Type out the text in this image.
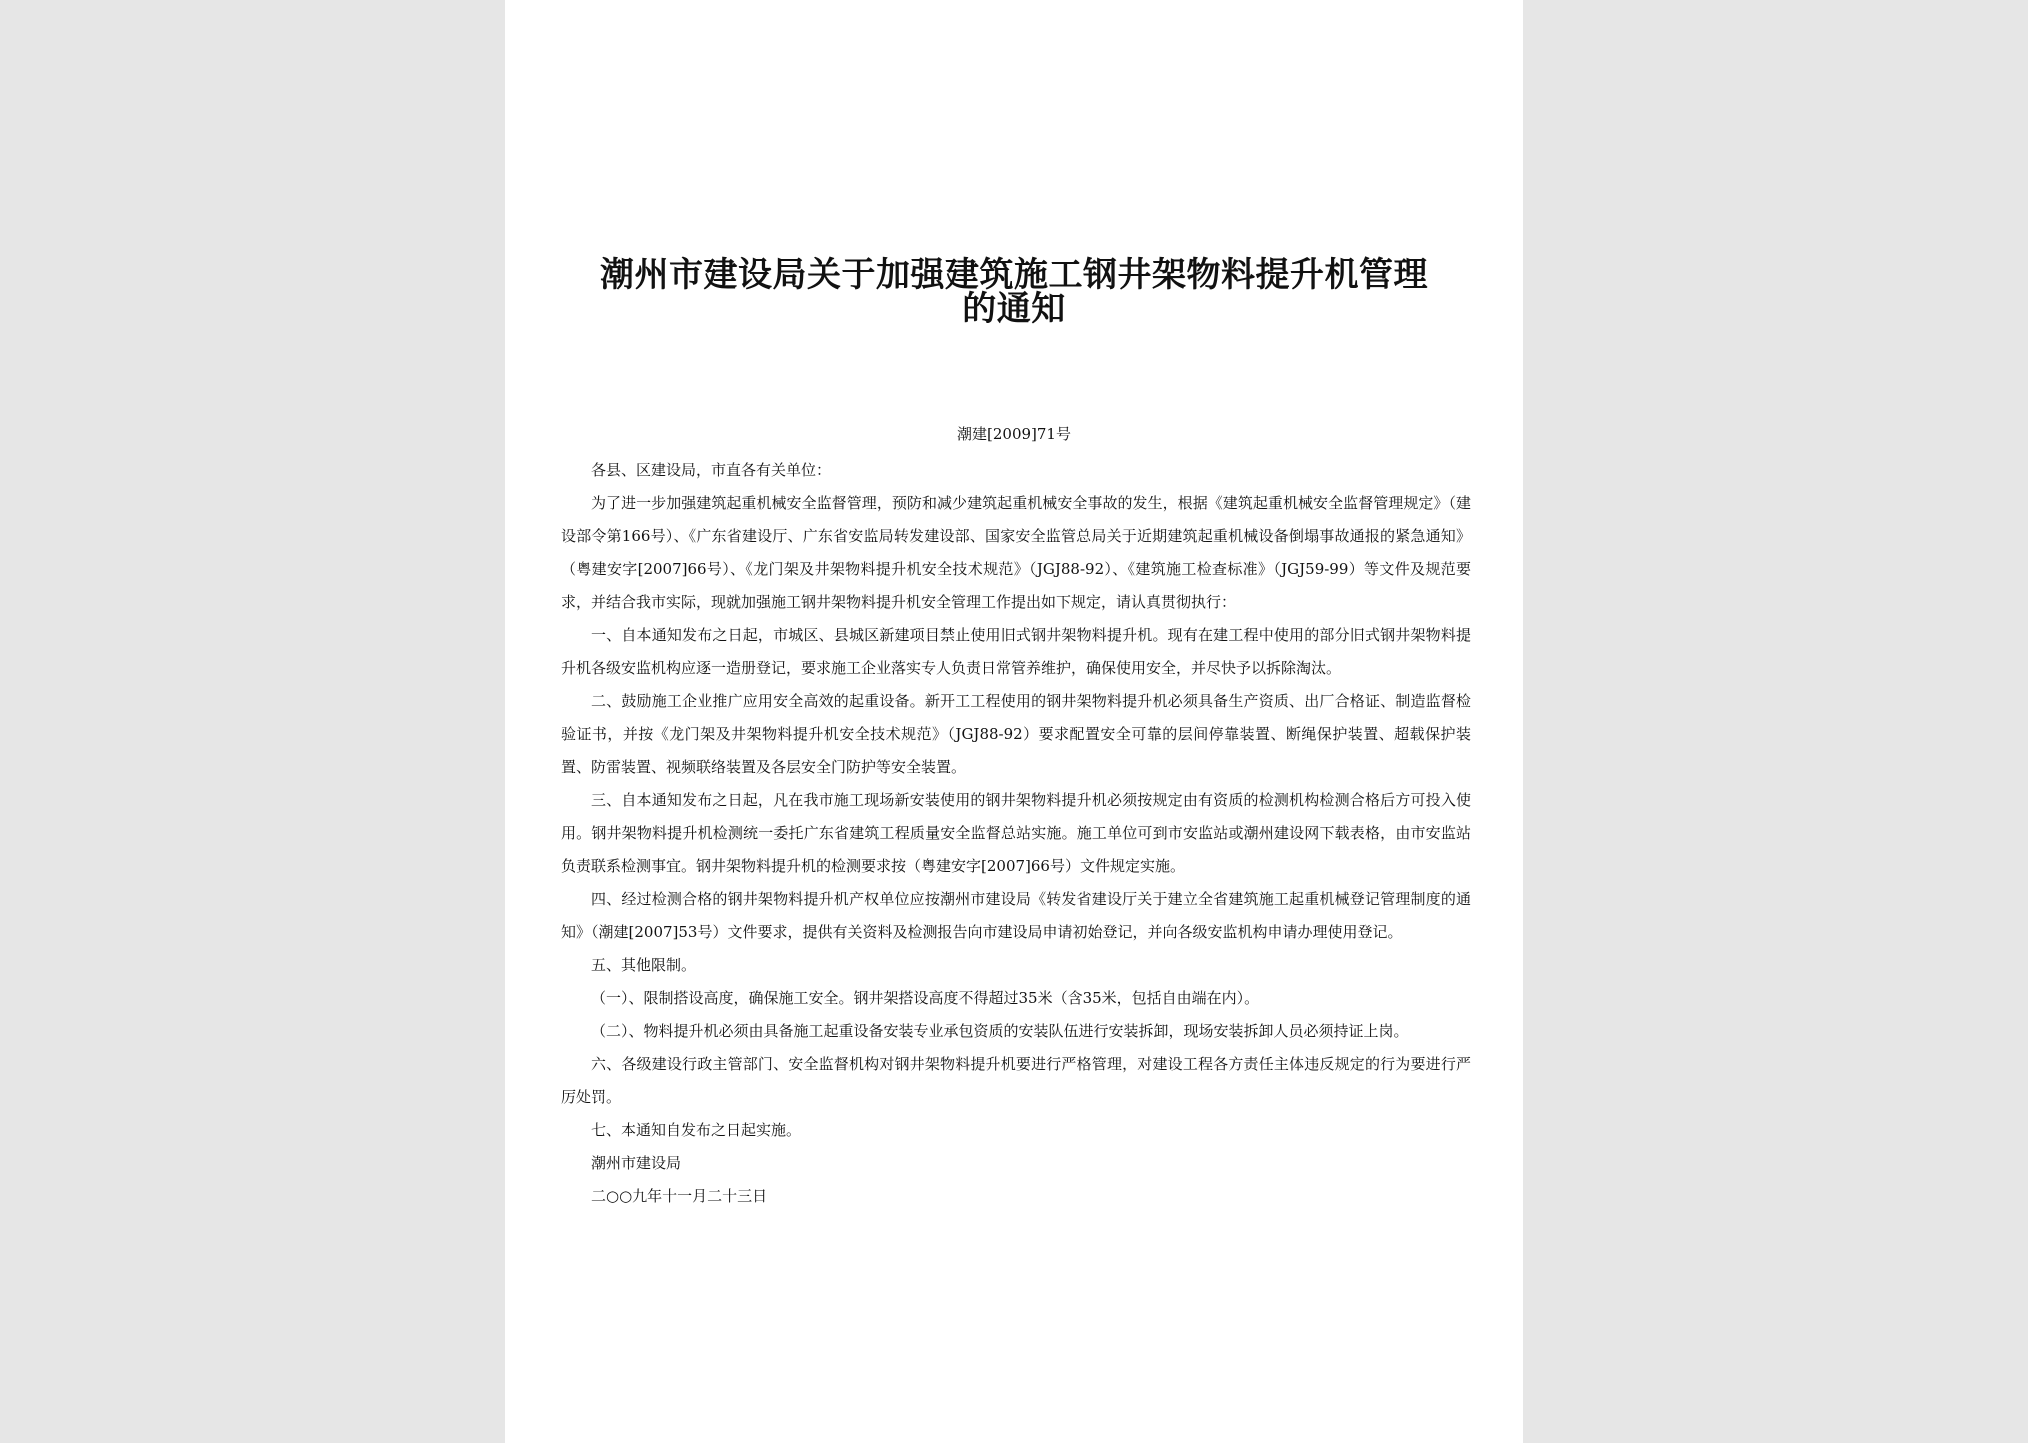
潮州市建设局关于加强建筑施工钢井架物料提升机管理的通知
潮建[2009]71号

各县、区建设局，市直各有关单位：

为了进一步加强建筑起重机械安全监督管理，预防和减少建筑起重机械安全事故的发生，根据《建筑起重机械安全监督管理规定》（建设部令第166号）、《广东省建设厅、广东省安监局转发建设部、国家安全监管总局关于近期建筑起重机械设备倒塌事故通报的紧急通知》（粤建安字[2007]66号）、《龙门架及井架物料提升机安全技术规范》（JGJ88-92）、《建筑施工检查标准》（JGJ59-99）等文件及规范要求，并结合我市实际，现就加强施工钢井架物料提升机安全管理工作提出如下规定，请认真贯彻执行：

一、自本通知发布之日起，市城区、县城区新建项目禁止使用旧式钢井架物料提升机。现有在建工程中使用的部分旧式钢井架物料提升机各级安监机构应逐一造册登记，要求施工企业落实专人负责日常管养维护，确保使用安全，并尽快予以拆除淘汰。

二、鼓励施工企业推广应用安全高效的起重设备。新开工工程使用的钢井架物料提升机必须具备生产资质、出厂合格证、制造监督检验证书，并按《龙门架及井架物料提升机安全技术规范》（JGJ88-92）要求配置安全可靠的层间停靠装置、断绳保护装置、超载保护装置、防雷装置、视频联络装置及各层安全门防护等安全装置。

三、自本通知发布之日起，凡在我市施工现场新安装使用的钢井架物料提升机必须按规定由有资质的检测机构检测合格后方可投入使用。钢井架物料提升机检测统一委托广东省建筑工程质量安全监督总站实施。施工单位可到市安监站或潮州建设网下载表格，由市安监站负责联系检测事宜。钢井架物料提升机的检测要求按（粤建安字[2007]66号）文件规定实施。

四、经过检测合格的钢井架物料提升机产权单位应按潮州市建设局《转发省建设厅关于建立全省建筑施工起重机械登记管理制度的通知》（潮建[2007]53号）文件要求，提供有关资料及检测报告向市建设局申请初始登记，并向各级安监机构申请办理使用登记。

五、其他限制。

（一）、限制搭设高度，确保施工安全。钢井架搭设高度不得超过35米（含35米，包括自由端在内）。

（二）、物料提升机必须由具备施工起重设备安装专业承包资质的安装队伍进行安装拆卸，现场安装拆卸人员必须持证上岗。

六、各级建设行政主管部门、安全监督机构对钢井架物料提升机要进行严格管理，对建设工程各方责任主体违反规定的行为要进行严厉处罚。

七、本通知自发布之日起实施。

潮州市建设局

二○○九年十一月二十三日
